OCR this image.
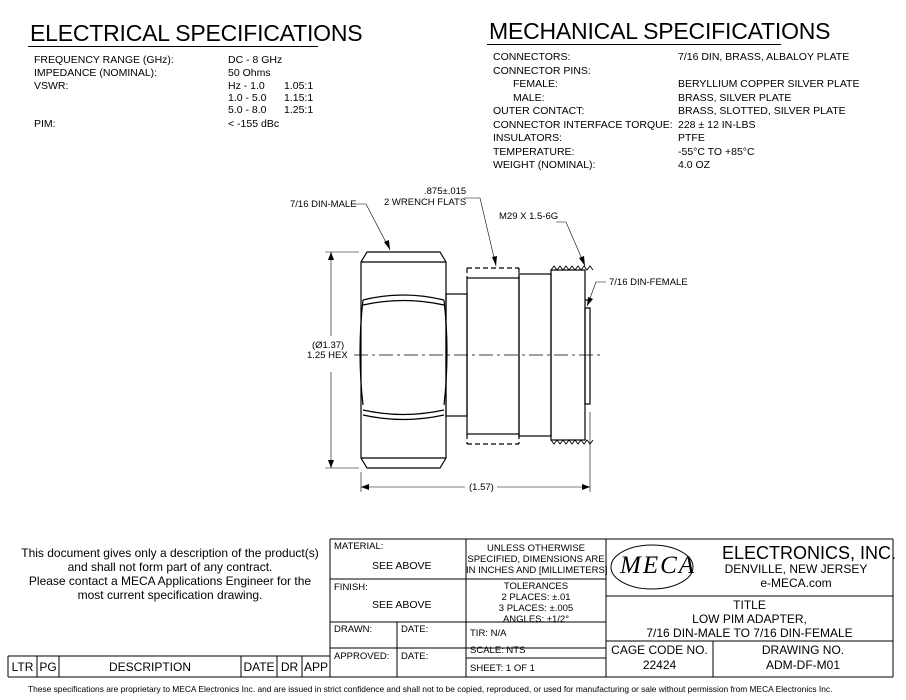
ELECTRICAL SPECIFICATIONS
FREQUENCY RANGE (GHz):	DC - 8 GHz
IMPEDANCE (NOMINAL):	50 Ohms
VSWR:	Hz - 1.0 1.05:1
1.0 - 5.0 1.15:1
5.0 - 8.0 1.25:1
PIM:	< -155 dBc
MECHANICAL SPECIFICATIONS
CONNECTORS:	7/16 DIN, BRASS, ALBALOY PLATE
CONNECTOR PINS:
FEMALE:	BERYLLIUM COPPER SILVER PLATE
MALE:	BRASS, SILVER PLATE
OUTER CONTACT:	BRASS, SLOTTED, SILVER PLATE
CONNECTOR INTERFACE TORQUE: 228 ± 12 IN-LBS
INSULATORS:	PTFE
TEMPERATURE:	-55°C TO +85°C
WEIGHT (NOMINAL):	4.0 OZ
7/16 DIN-MALE
.875±.015
2 WRENCH FLATS
M29 X 1.5-6G
7/16 DIN-FEMALE
(Ø1.37)
1.25 HEX
(1.57)
This document gives only a description of the product(s)
and shall not form part of any contract.
Please contact a MECA Applications Engineer for the
most current specification drawing.
MATERIAL:
SEE ABOVE
FINISH:
SEE ABOVE
DRAWN:	DATE:
APPROVED: DATE:
UNLESS OTHERWISE
SPECIFIED, DIMENSIONS ARE
IN INCHES AND [MILLIMETERS]
TOLERANCES
2 PLACES: ±.01
3 PLACES: ±.005
ANGLES: ±1/2°
TIR: N/A
SCALE: NTS
SHEET: 1 OF 1
MECA ELECTRONICS, INC.
DENVILLE, NEW JERSEY
e-MECA.com
TITLE
LOW PIM ADAPTER,
7/16 DIN-MALE TO 7/16 DIN-FEMALE
CAGE CODE NO.
22424
DRAWING NO.
ADM-DF-M01
LTR PG	DESCRIPTION	DATE DR APP
These specifications are proprietary to MECA Electronics Inc. and are issued in strict confidence and shall not to be copied, reproduced, or used for manufacturing or sale without permission from MECA Electronics Inc.
